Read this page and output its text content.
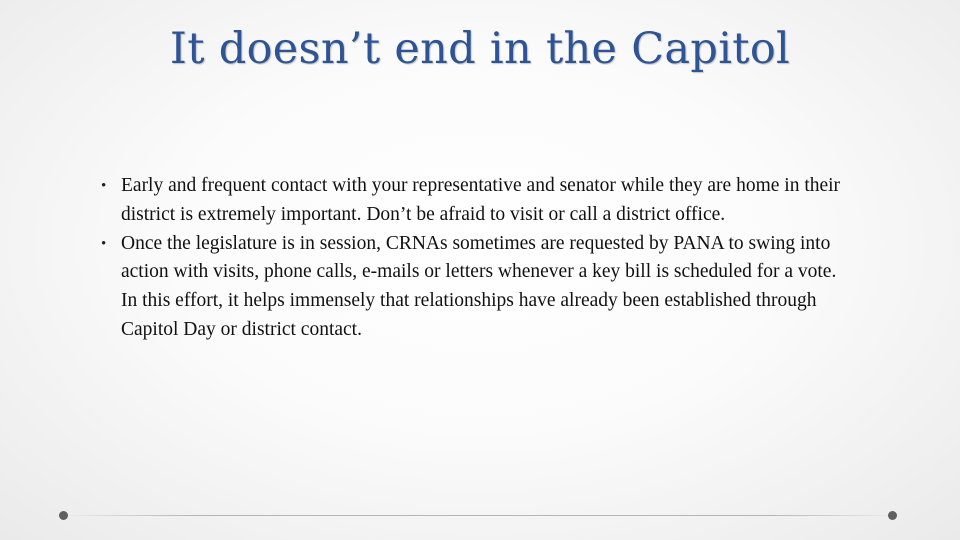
It doesn’t end in the Capitol
• Early and frequent contact with your representative and senator while they are home in their district is extremely important. Don’t be afraid to visit or call a district office.
• Once the legislature is in session, CRNAs sometimes are requested by PANA to swing into action with visits, phone calls, e-mails or letters whenever a key bill is scheduled for a vote. In this effort, it helps immensely that relationships have already been established through Capitol Day or district contact.
